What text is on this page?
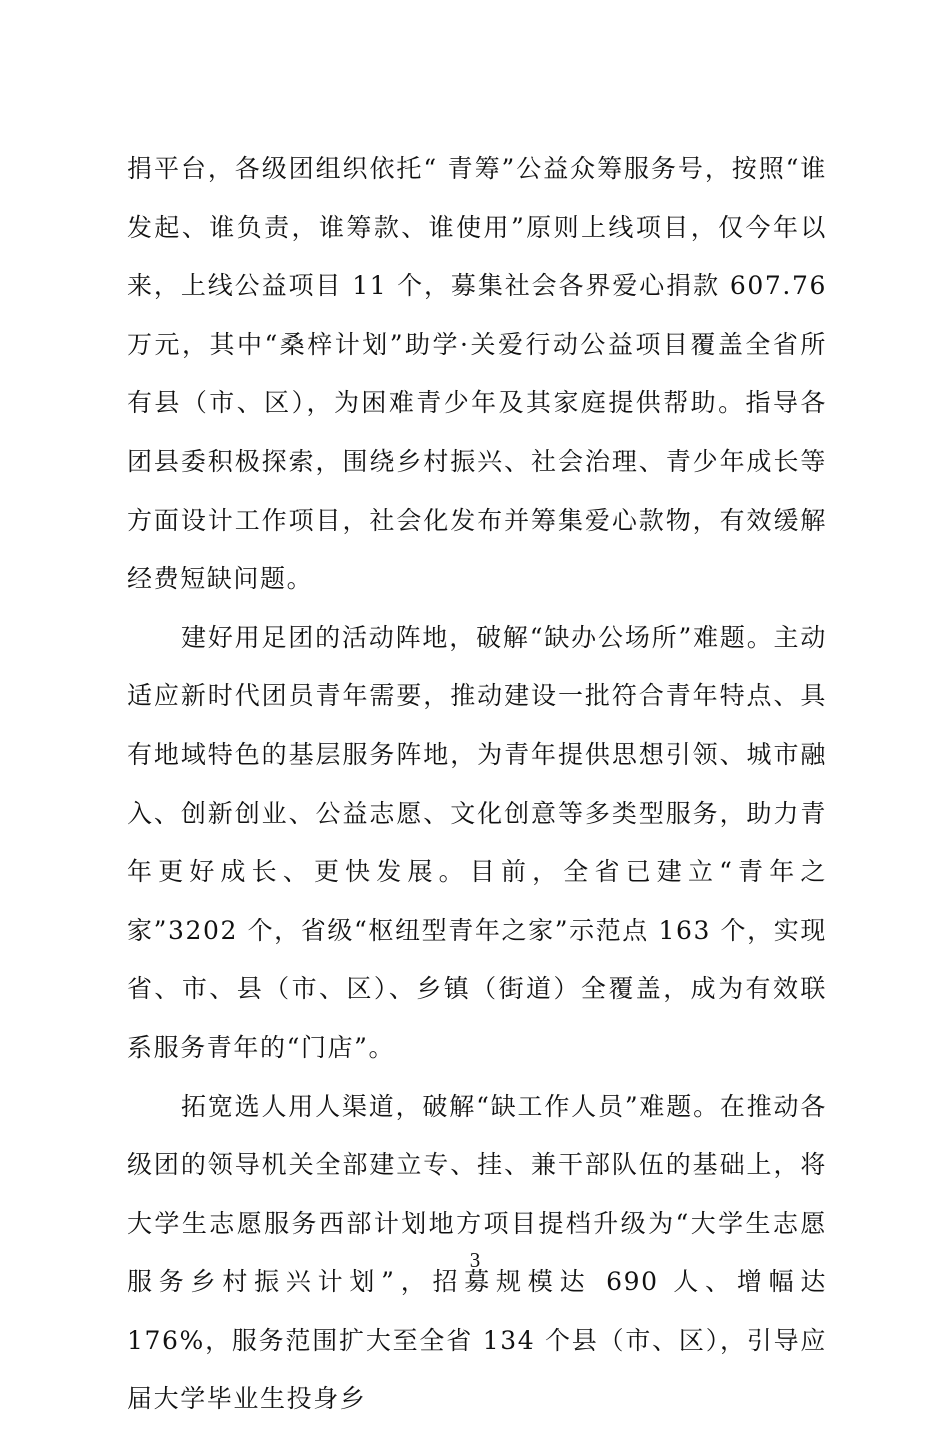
捐平台，各级团组织依托“ 青筹”公益众筹服务号，按照“谁发起、谁负责，谁筹款、谁使用”原则上线项目，仅今年以来，上线公益项目 11 个，募集社会各界爱心捐款 607.76 万元，其中“桑梓计划”助学·关爱行动公益项目覆盖全省所有县（市、区），为困难青少年及其家庭提供帮助。指导各团县委积极探索，围绕乡村振兴、社会治理、青少年成长等方面设计工作项目，社会化发布并筹集爱心款物，有效缓解经费短缺问题。

建好用足团的活动阵地，破解“缺办公场所”难题。主动适应新时代团员青年需要，推动建设一批符合青年特点、具有地域特色的基层服务阵地，为青年提供思想引领、城市融入、创新创业、公益志愿、文化创意等多类型服务，助力青年更好成长、更快发展。目前，全省已建立“青年之家”3202 个，省级“枢纽型青年之家”示范点 163 个，实现省、市、县（市、区）、乡镇（街道）全覆盖，成为有效联系服务青年的“门店”。

拓宽选人用人渠道，破解“缺工作人员”难题。在推动各级团的领导机关全部建立专、挂、兼干部队伍的基础上，将大学生志愿服务西部计划地方项目提档升级为“大学生志愿服务乡村振兴计划”，招募规模达 690 人、增幅达 176%，服务范围扩大至全省 134 个县（市、区），引导应届大学毕业生投身乡

3
